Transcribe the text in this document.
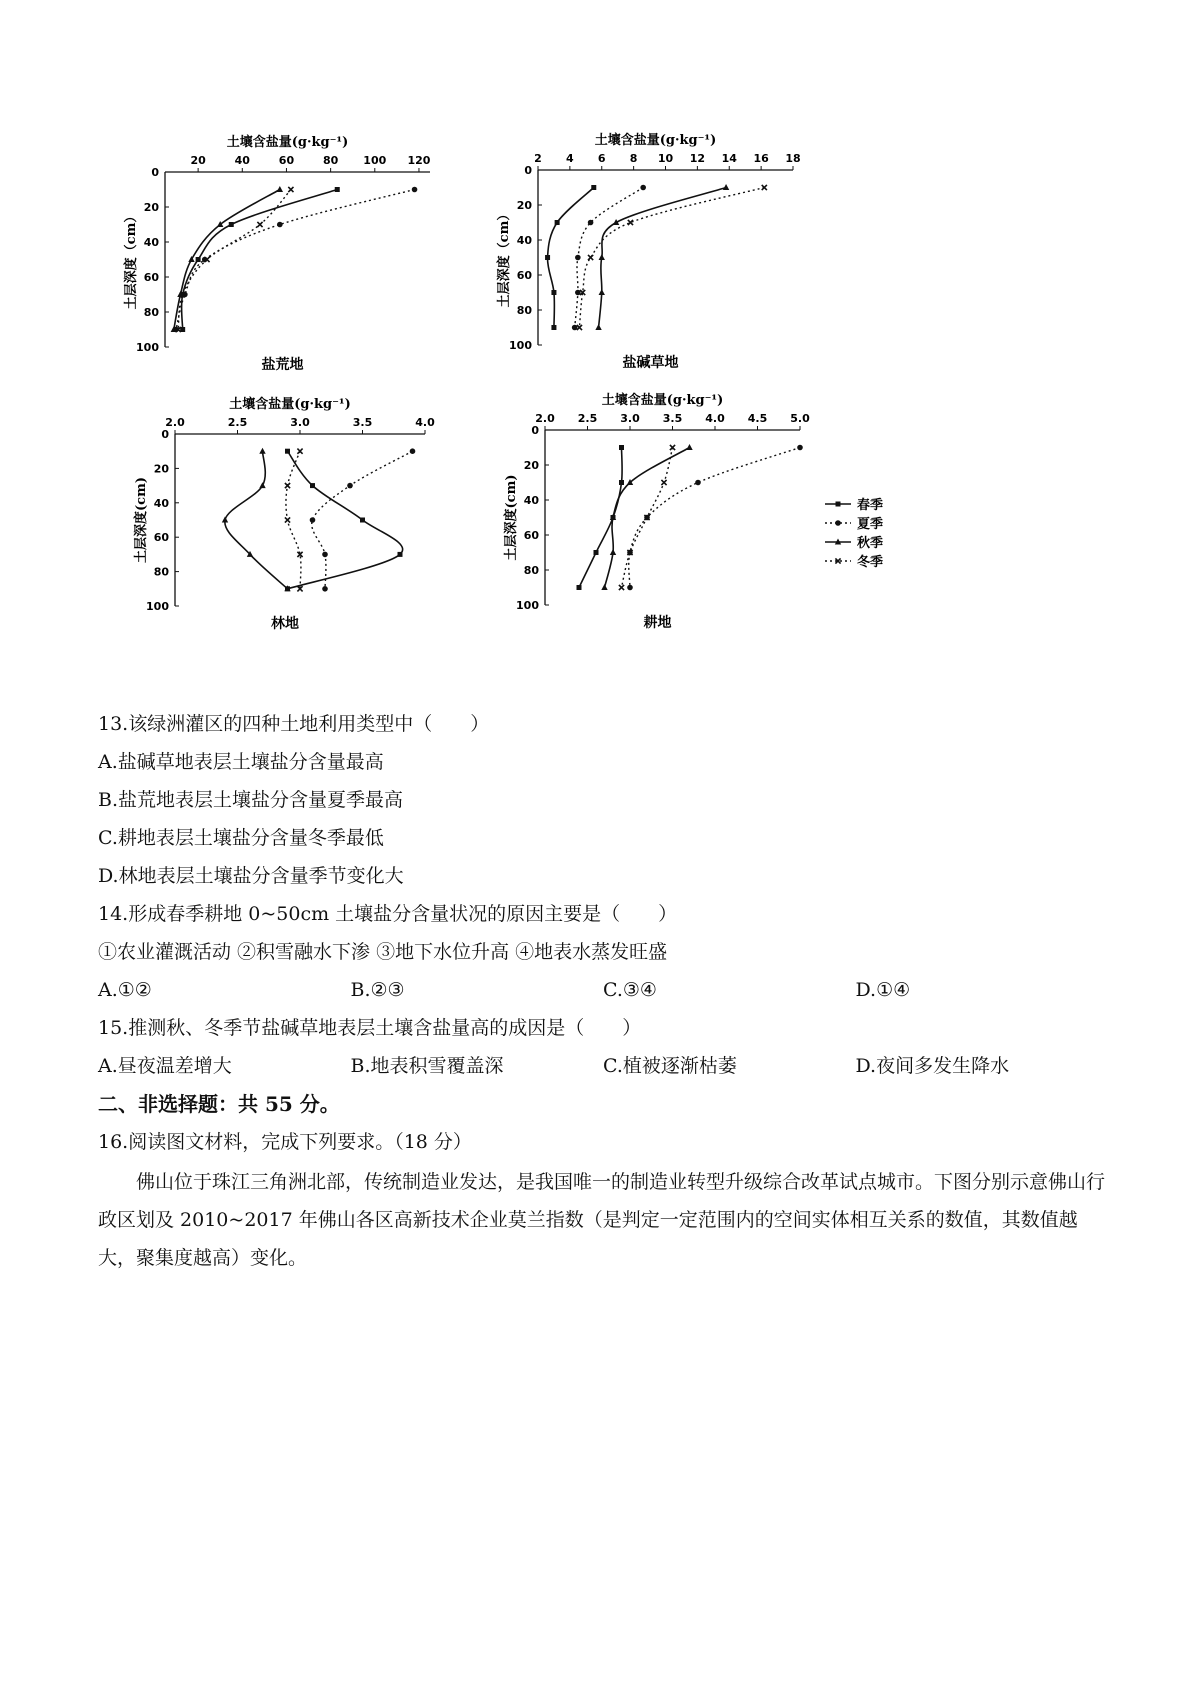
20	40	60	80 100 120
0
20
40
60
80
100
土壤含盐量(g·kg⁻¹)
土层深度（cm）
盐荒地
2 4 6 8 10 12 14 16 18
0
20
40
60
80
100
土壤含盐量(g·kg⁻¹)
土层深度（cm）
盐碱草地
2.0	2.5	3.0	3.5	4.0
0
20
40
60
80
100
土壤含盐量(g·kg⁻¹)
土层深度(cm)
林地
2.0 2.5 3.0 3.5 4.0 4.5 5.0
0
20
40
60
80
100
土壤含盐量(g·kg⁻¹)
土层深度(cm)
耕地
春季
夏季
秋季
冬季
13.该绿洲灌区的四种土地利用类型中（　　）
A.盐碱草地表层土壤盐分含量最高
B.盐荒地表层土壤盐分含量夏季最高
C.耕地表层土壤盐分含量冬季最低
D.林地表层土壤盐分含量季节变化大
14.形成春季耕地 0~50cm 土壤盐分含量状况的原因主要是（　　）
①农业灌溉活动 ②积雪融水下渗 ③地下水位升高 ④地表水蒸发旺盛
A.①②	B.②③	C.③④	D.①④
15.推测秋、冬季节盐碱草地表层土壤含盐量高的成因是（　　）
A.昼夜温差增大	B.地表积雪覆盖深	C.植被逐渐枯萎	D.夜间多发生降水
二、非选择题：共 55 分。
16.阅读图文材料，完成下列要求。（18 分）
佛山位于珠江三角洲北部，传统制造业发达，是我国唯一的制造业转型升级综合改革试点城市。下图分别示意佛山行政区划及 2010~2017 年佛山各区高新技术企业莫兰指数（是判定一定范围内的空间实体相互关系的数值，其数值越大，聚集度越高）变化。
